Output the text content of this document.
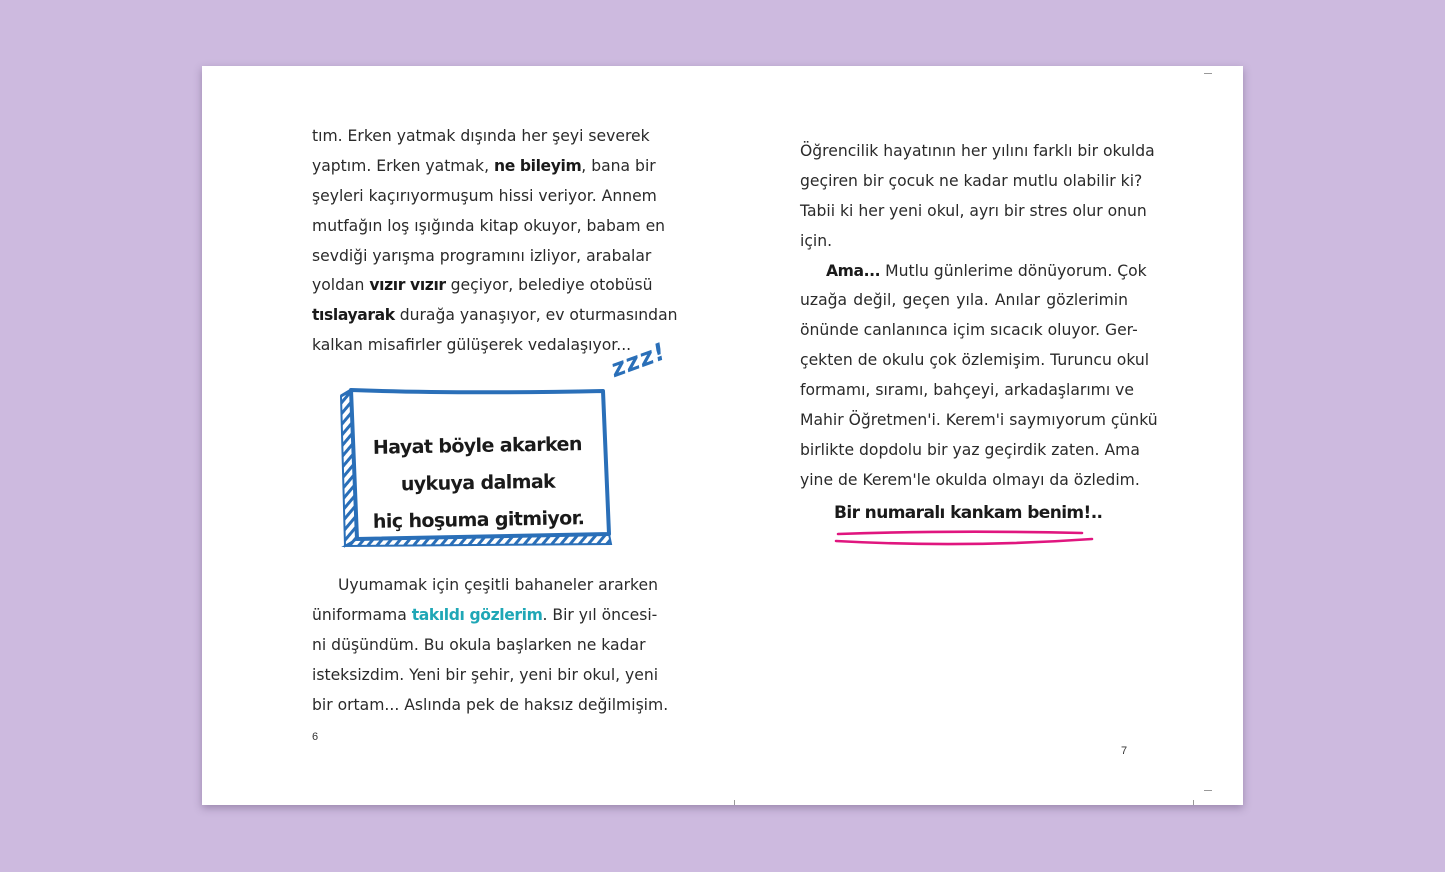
tım. Erken yatmak dışında her şeyi severek
yaptım. Erken yatmak, ne bileyim, bana bir
şeyleri kaçırıyormuşum hissi veriyor. Annem
mutfağın loş ışığında kitap okuyor, babam en
sevdiği yarışma programını izliyor, arabalar
yoldan vızır vızır geçiyor, belediye otobüsü
tıslayarak durağa yanaşıyor, ev oturmasından
kalkan misafirler gülüşerek vedalaşıyor...
Hayat böyle akarken
uykuya dalmak
hiç hoşuma gitmiyor.
zzz!
Uyumamak için çeşitli bahaneler ararken
üniformama takıldı gözlerim. Bir yıl öncesi-
ni düşündüm. Bu okula başlarken ne kadar
isteksizdim. Yeni bir şehir, yeni bir okul, yeni
bir ortam... Aslında pek de haksız değilmişim.
6
Öğrencilik hayatının her yılını farklı bir okulda
geçiren bir çocuk ne kadar mutlu olabilir ki?
Tabii ki her yeni okul, ayrı bir stres olur onun
için.
Ama... Mutlu günlerime dönüyorum. Çok
uzağa değil, geçen yıla. Anılar gözlerimin
önünde canlanınca içim sıcacık oluyor. Ger-
çekten de okulu çok özlemişim. Turuncu okul
formamı, sıramı, bahçeyi, arkadaşlarımı ve
Mahir Öğretmen'i. Kerem'i saymıyorum çünkü
birlikte dopdolu bir yaz geçirdik zaten. Ama
yine de Kerem'le okulda olmayı da özledim.
7
Bir numaralı kankam benim!..
